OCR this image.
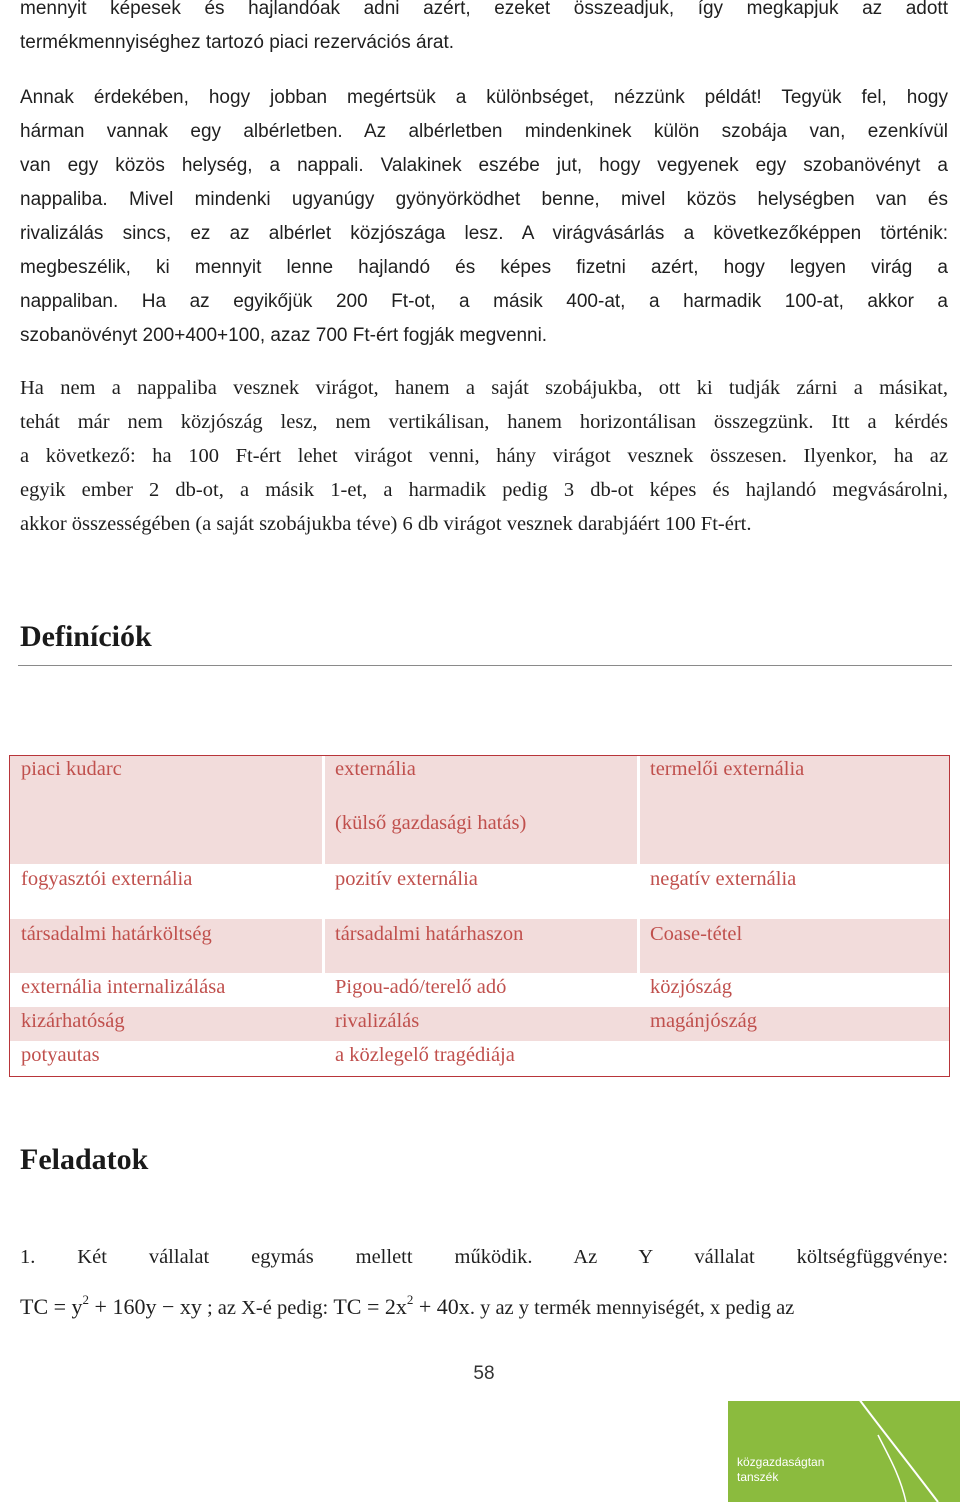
mennyit képesek és hajlandóak adni azért, ezeket összeadjuk, így megkapjuk az adott
termékmennyiséghez tartozó piaci rezervációs árat.
Annak érdekében, hogy jobban megértsük a különbséget, nézzünk példát! Tegyük fel, hogy
hárman vannak egy albérletben. Az albérletben mindenkinek külön szobája van, ezenkívül
van egy közös helység, a nappali. Valakinek eszébe jut, hogy vegyenek egy szobanövényt a
nappaliba. Mivel mindenki ugyanúgy gyönyörködhet benne, mivel közös helységben van és
rivalizálás sincs, ez az albérlet közjószága lesz. A virágvásárlás a következőképpen történik:
megbeszélik, ki mennyit lenne hajlandó és képes fizetni azért, hogy legyen virág a
nappaliban. Ha az egyikőjük 200 Ft-ot, a másik 400-at, a harmadik 100-at, akkor a
szobanövényt 200+400+100, azaz 700 Ft-ért fogják megvenni.
Ha nem a nappaliba vesznek virágot, hanem a saját szobájukba, ott ki tudják zárni a másikat,
tehát már nem közjószág lesz, nem vertikálisan, hanem horizontálisan összegzünk. Itt a kérdés
a következő: ha 100 Ft-ért lehet virágot venni, hány virágot vesznek összesen. Ilyenkor, ha az
egyik ember 2 db-ot, a másik 1-et, a harmadik pedig 3 db-ot képes és hajlandó megvásárolni,
akkor összességében (a saját szobájukba téve) 6 db virágot vesznek darabjáért 100 Ft-ért.
Definíciók
piaci kudarc	externália	termelői externália
(külső gazdasági hatás)
fogyasztói externália	pozitív externália	negatív externália
társadalmi határköltség	társadalmi határhaszon	Coase-tétel
externália internalizálása	Pigou-adó/terelő adó	közjószág
kizárhatóság	rivalizálás	magánjószág
potyautas	a közlegelő tragédiája
Feladatok
1. Két vállalat egymás mellett működik. Az Y vállalat költségfüggvénye:
TC = $y^2 + 160y$ − xy ; az X-é pedig: TC = $2x^2 + 40x$. y az y termék mennyiségét, x pedig az
58
közgazdaságtan
tanszék
